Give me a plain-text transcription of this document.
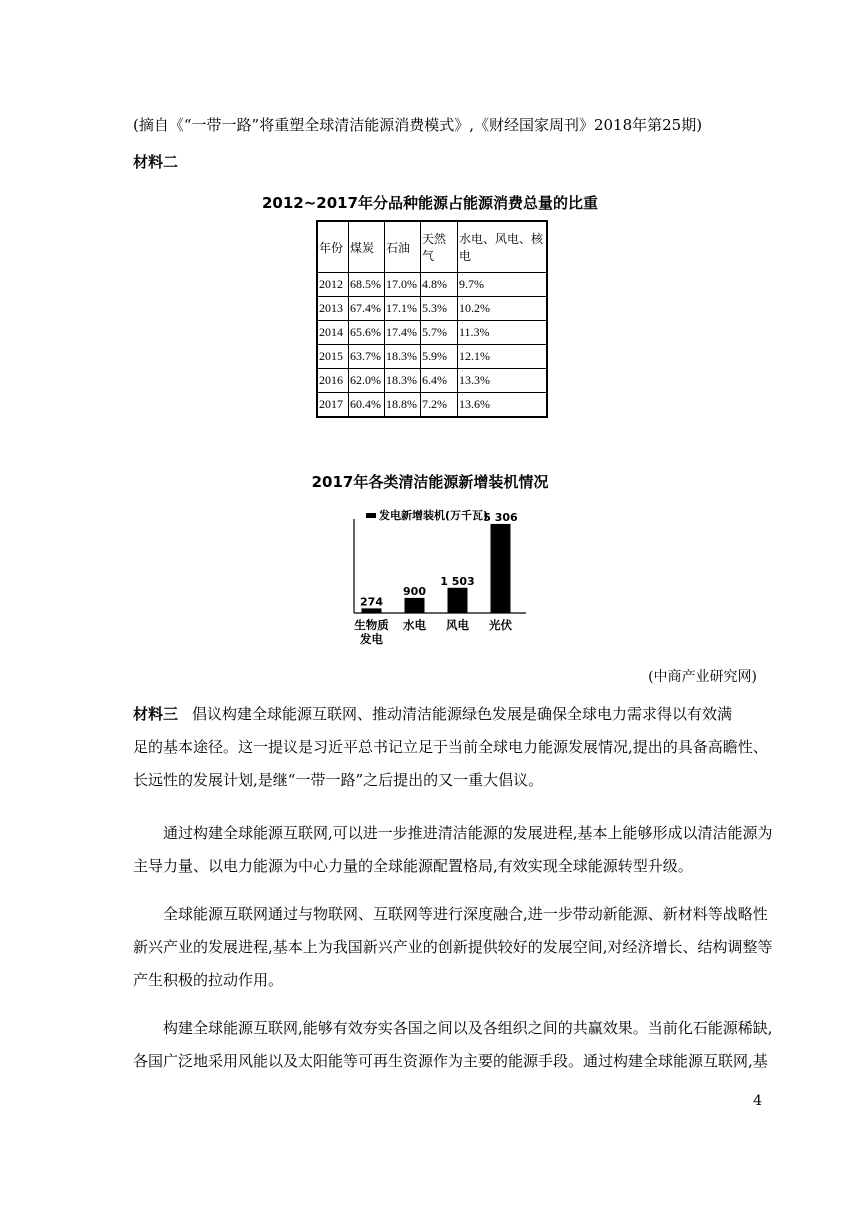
(摘自《“一带一路”将重塑全球清洁能源消费模式》,《财经国家周刊》2018年第25期)
材料二
2012~2017年分品种能源占能源消费总量的比重
年份	煤炭	石油	天然气	水电、风电、核电
2012	68.5%	17.0%	4.8%	9.7%
2013	67.4%	17.1%	5.3%	10.2%
2014	65.6%	17.4%	5.7%	11.3%
2015	63.7%	18.3%	5.9%	12.1%
2016	62.0%	18.3%	6.4%	13.3%
2017	60.4%	18.8%	7.2%	13.6%
2017年各类清洁能源新增装机情况
发电新增装机(万千瓦)
274
生物质
发电
900
水电
1 503
风电
5 306
光伏
(中商产业研究网)
材料三 倡议构建全球能源互联网、推动清洁能源绿色发展是确保全球电力需求得以有效满
足的基本途径。这一提议是习近平总书记立足于当前全球电力能源发展情况,提出的具备高瞻性、
长远性的发展计划,是继“一带一路”之后提出的又一重大倡议。
通过构建全球能源互联网,可以进一步推进清洁能源的发展进程,基本上能够形成以清洁能源为
主导力量、以电力能源为中心力量的全球能源配置格局,有效实现全球能源转型升级。
全球能源互联网通过与物联网、互联网等进行深度融合,进一步带动新能源、新材料等战略性
新兴产业的发展进程,基本上为我国新兴产业的创新提供较好的发展空间,对经济增长、结构调整等
产生积极的拉动作用。
构建全球能源互联网,能够有效夯实各国之间以及各组织之间的共赢效果。当前化石能源稀缺,
各国广泛地采用风能以及太阳能等可再生资源作为主要的能源手段。通过构建全球能源互联网,基
4
